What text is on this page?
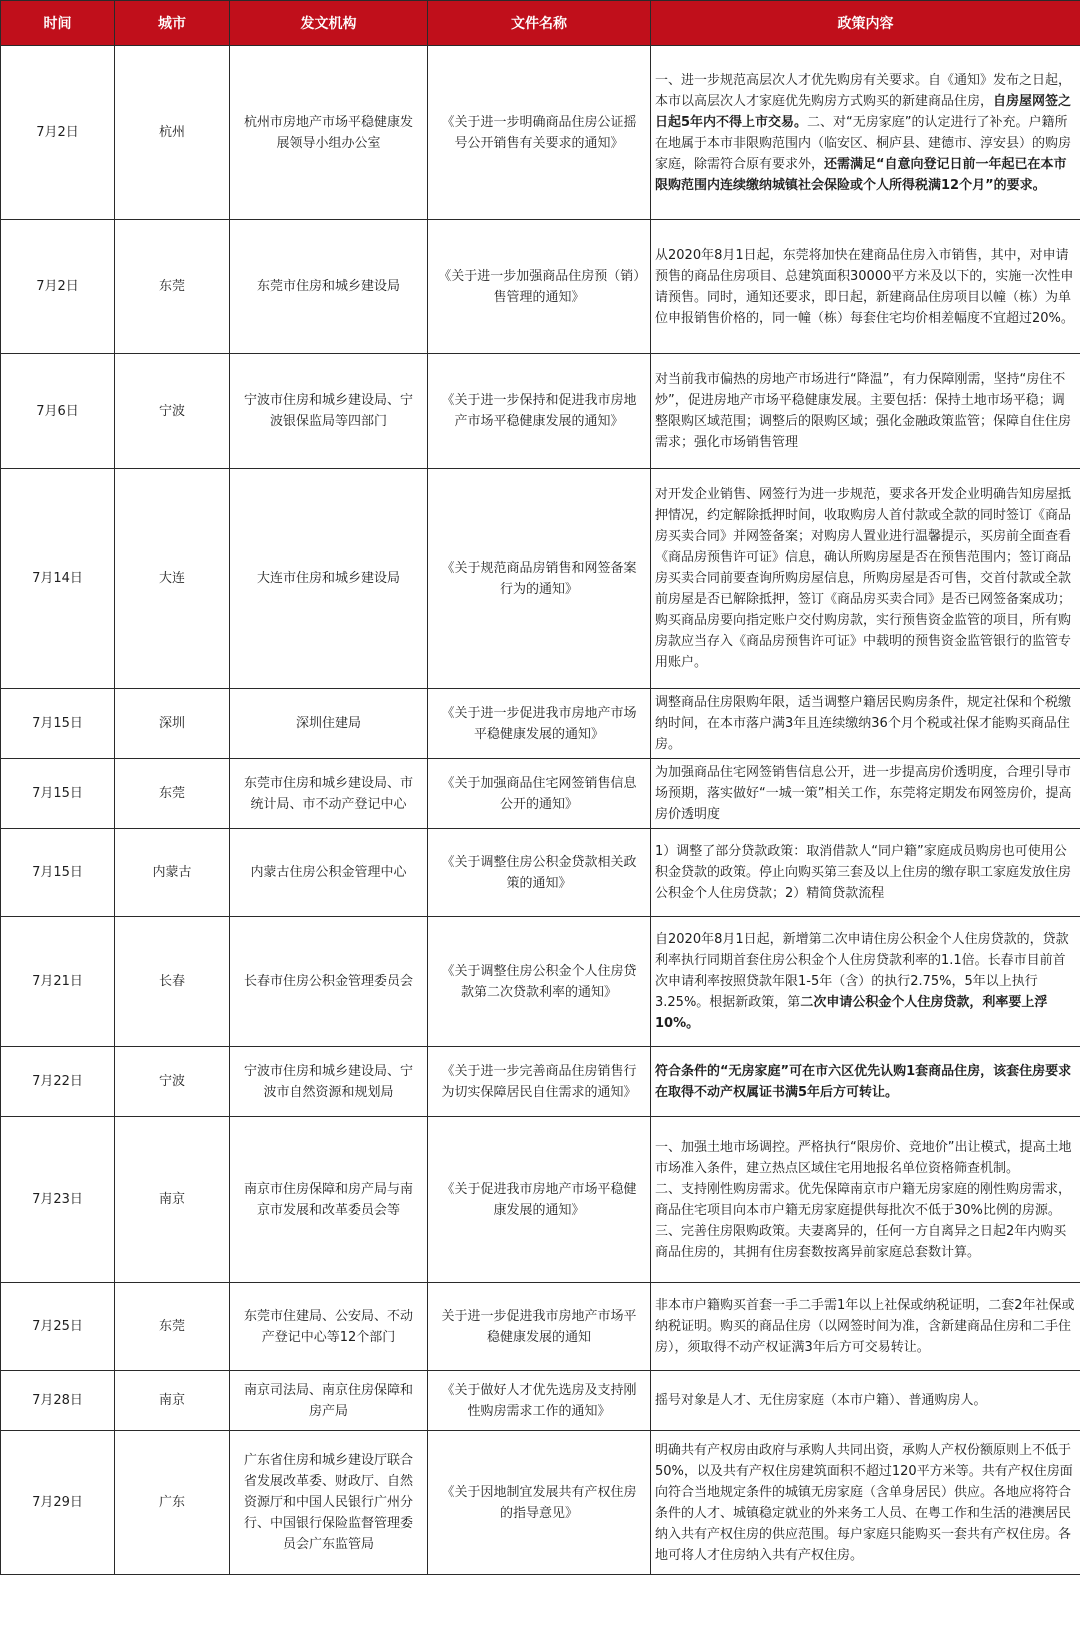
时间	城市	发文机构	文件名称	政策内容
7月2日	杭州	杭州市房地产市场平稳健康发展领导小组办公室	《关于进一步明确商品住房公证摇号公开销售有关要求的通知》	一、进一步规范高层次人才优先购房有关要求。自《通知》发布之日起，本市以高层次人才家庭优先购房方式购买的新建商品住房，自房屋网签之日起5年内不得上市交易。二、对“无房家庭”的认定进行了补充。户籍所在地属于本市非限购范围内（临安区、桐庐县、建德市、淳安县）的购房家庭，除需符合原有要求外，还需满足“自意向登记日前一年起已在本市限购范围内连续缴纳城镇社会保险或个人所得税满12个月”的要求。
7月2日	东莞	东莞市住房和城乡建设局	《关于进一步加强商品住房预（销）售管理的通知》	从2020年8月1日起，东莞将加快在建商品住房入市销售，其中，对申请预售的商品住房项目、总建筑面积30000平方米及以下的，实施一次性申请预售。同时，通知还要求，即日起，新建商品住房项目以幢（栋）为单位申报销售价格的，同一幢（栋）每套住宅均价相差幅度不宜超过20%。
7月6日	宁波	宁波市住房和城乡建设局、宁波银保监局等四部门	《关于进一步保持和促进我市房地产市场平稳健康发展的通知》	对当前我市偏热的房地产市场进行“降温”，有力保障刚需，坚持“房住不炒”，促进房地产市场平稳健康发展。主要包括：保持土地市场平稳；调整限购区域范围；调整后的限购区域；强化金融政策监管；保障自住住房需求；强化市场销售管理
7月14日	大连	大连市住房和城乡建设局	《关于规范商品房销售和网签备案行为的通知》	对开发企业销售、网签行为进一步规范，要求各开发企业明确告知房屋抵押情况，约定解除抵押时间，收取购房人首付款或全款的同时签订《商品房买卖合同》并网签备案；对购房人置业进行温馨提示，买房前全面查看《商品房预售许可证》信息，确认所购房屋是否在预售范围内；签订商品房买卖合同前要查询所购房屋信息，所购房屋是否可售，交首付款或全款前房屋是否已解除抵押，签订《商品房买卖合同》是否已网签备案成功；购买商品房要向指定账户交付购房款，实行预售资金监管的项目，所有购房款应当存入《商品房预售许可证》中载明的预售资金监管银行的监管专用账户。
7月15日	深圳	深圳住建局	《关于进一步促进我市房地产市场平稳健康发展的通知》	调整商品住房限购年限，适当调整户籍居民购房条件，规定社保和个税缴纳时间，在本市落户满3年且连续缴纳36个月个税或社保才能购买商品住房。
7月15日	东莞	东莞市住房和城乡建设局、市统计局、市不动产登记中心	《关于加强商品住宅网签销售信息公开的通知》	为加强商品住宅网签销售信息公开，进一步提高房价透明度，合理引导市场预期，落实做好“一城一策”相关工作，东莞将定期发布网签房价，提高房价透明度
7月15日	内蒙古	内蒙古住房公积金管理中心	《关于调整住房公积金贷款相关政策的通知》	1）调整了部分贷款政策：取消借款人“同户籍”家庭成员购房也可使用公积金贷款的政策。停止向购买第三套及以上住房的缴存职工家庭发放住房公积金个人住房贷款；2）精简贷款流程
7月21日	长春	长春市住房公积金管理委员会	《关于调整住房公积金个人住房贷款第二次贷款利率的通知》	自2020年8月1日起，新增第二次申请住房公积金个人住房贷款的，贷款利率执行同期首套住房公积金个人住房贷款利率的1.1倍。长春市目前首次申请利率按照贷款年限1-5年（含）的执行2.75%，5年以上执行3.25%。根据新政策，第二次申请公积金个人住房贷款，利率要上浮10%。
7月22日	宁波	宁波市住房和城乡建设局、宁波市自然资源和规划局	《关于进一步完善商品住房销售行为切实保障居民自住需求的通知》	符合条件的“无房家庭”可在市六区优先认购1套商品住房，该套住房要求在取得不动产权属证书满5年后方可转让。
7月23日	南京	南京市住房保障和房产局与南京市发展和改革委员会等	《关于促进我市房地产市场平稳健康发展的通知》	一、加强土地市场调控。严格执行“限房价、竞地价”出让模式，提高土地市场准入条件，建立热点区域住宅用地报名单位资格筛查机制。
二、支持刚性购房需求。优先保障南京市户籍无房家庭的刚性购房需求，商品住宅项目向本市户籍无房家庭提供每批次不低于30%比例的房源。
三、完善住房限购政策。夫妻离异的，任何一方自离异之日起2年内购买商品住房的，其拥有住房套数按离异前家庭总套数计算。
7月25日	东莞	东莞市住建局、公安局、不动产登记中心等12个部门	关于进一步促进我市房地产市场平稳健康发展的通知	非本市户籍购买首套一手二手需1年以上社保或纳税证明，二套2年社保或纳税证明。购买的商品住房（以网签时间为准，含新建商品住房和二手住房），须取得不动产权证满3年后方可交易转让。
7月28日	南京	南京司法局、南京住房保障和房产局	《关于做好人才优先选房及支持刚性购房需求工作的通知》	摇号对象是人才、无住房家庭（本市户籍）、普通购房人。
7月29日	广东	广东省住房和城乡建设厅联合省发展改革委、财政厅、自然资源厅和中国人民银行广州分行、中国银行保险监督管理委员会广东监管局	《关于因地制宜发展共有产权住房的指导意见》	明确共有产权房由政府与承购人共同出资，承购人产权份额原则上不低于50%，以及共有产权住房建筑面积不超过120平方米等。共有产权住房面向符合当地规定条件的城镇无房家庭（含单身居民）供应。各地应将符合条件的人才、城镇稳定就业的外来务工人员、在粤工作和生活的港澳居民纳入共有产权住房的供应范围。每户家庭只能购买一套共有产权住房。各地可将人才住房纳入共有产权住房。
